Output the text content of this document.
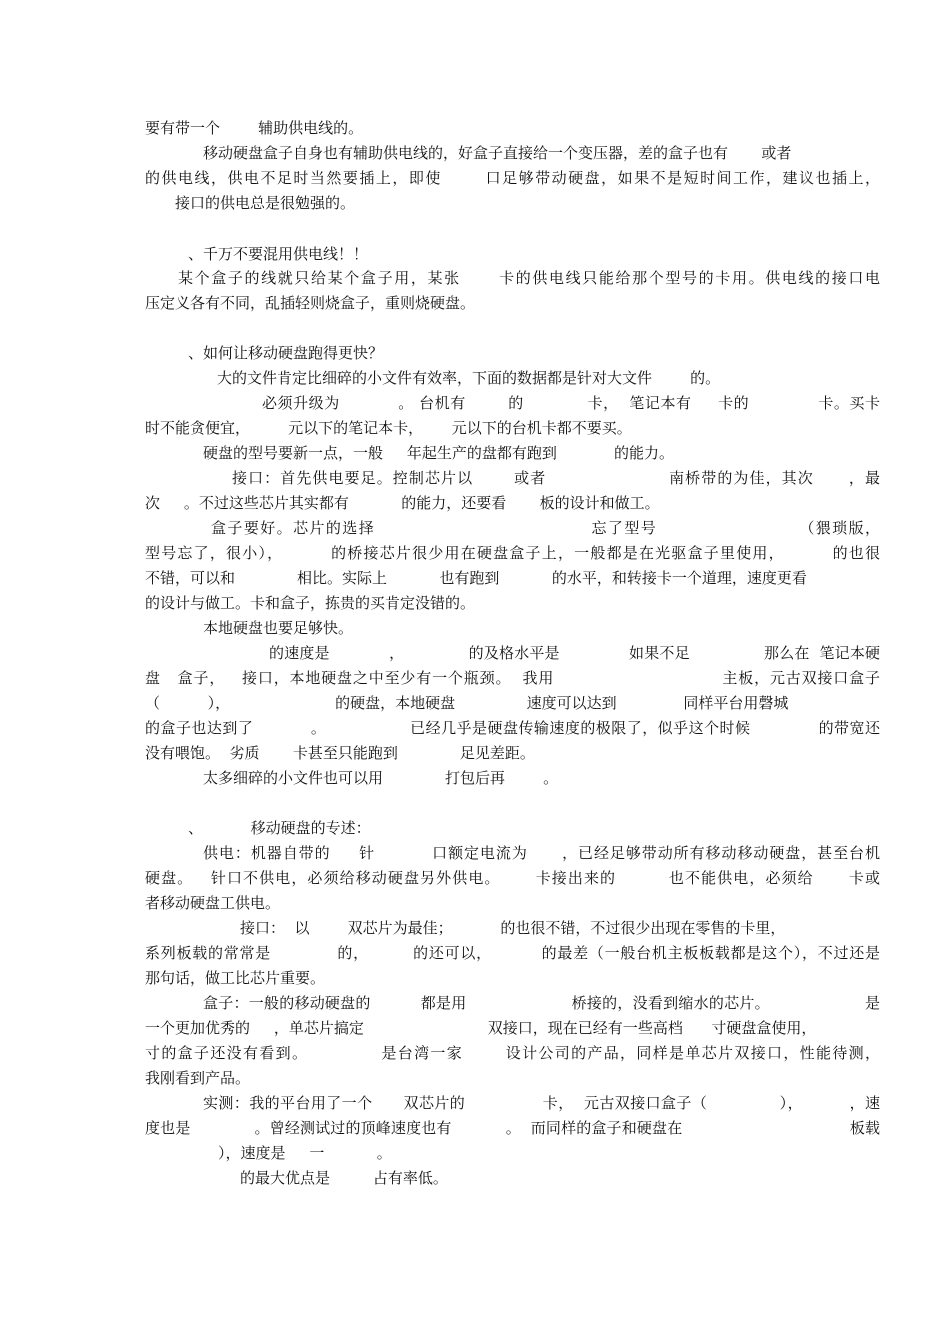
要有带一个        辅助供电线的。
移动硬盘盒子自身也有辅助供电线的，好盒子直接给一个变压器，差的盒子也有       或者
的供电线，供电不足时当然要插上，即使       口足够带动硬盘，如果不是短时间工作，建议也插上，
接口的供电总是很勉强的。
、千万不要混用供电线！！
某个盒子的线就只给某个盒子用，某张      卡的供电线只能给那个型号的卡用。供电线的接口电
压定义各有不同，乱插轻则烧盒子，重则烧硬盘。
、如何让移动硬盘跑得更快？
大的文件肯定比细碎的小文件有效率，下面的数据都是针对大文件        的。
必须升级为           。 台机有        的            卡，  笔记本有     卡的             卡。买卡
时不能贪便宜，        元以下的笔记本卡，      元以下的台机卡都不要买。
硬盘的型号要新一点，一般     年起生产的盘都有跑到            的能力。
接口：首先供电要足。控制芯片以       或者                     南桥带的为佳，其次      ，最
次     。不过这些芯片其实都有           的能力，还要看       板的设计和做工。
盒子要好。芯片的选择                                   忘了型号                       （猥琐版，
型号忘了，很小），        的桥接芯片很少用在硬盘盒子上，一般都是在光驱盒子里使用，        的也很
不错，可以和             相比。实际上           也有跑到           的水平，和转接卡一个道理，速度更看
的设计与做工。卡和盒子，拣贵的买肯定没错的。
本地硬盘也要足够快。
的速度是            ，             的及格水平是              如果不足               那么在  笔记本硬
盘   盒子，   接口，本地硬盘之中至少有一个瓶颈。  我用                              主板，元古双接口盒子
（          ），                      的硬盘，本地硬盘               速度可以达到              同样平台用磬城
的盒子也达到了           。                已经几乎是硬盘传输速度的极限了，似乎这个时候             的带宽还
没有喂饱。  劣质       卡甚至只能跑到             足见差距。
太多细碎的小文件也可以用             打包后再        。
、          移动硬盘的专述：
供电：机器自带的     针          口额定电流为      ，已经足够带动所有移动移动硬盘，甚至台机
硬盘。   针口不供电，必须给移动硬盘另外供电。      卡接出来的         也不能供电，必须给      卡或
者移动硬盘工供电。
接口：  以        双芯片为最佳；          的也很不错，不过很少出现在零售的卡里，
系列板载的常常是            的，        的还可以，         的最差（一般台机主板板载都是这个），不过还是
那句话，做工比芯片重要。
盒子：一般的移动硬盘的          都是用                     桥接的，没看到缩水的芯片。                   是
一个更加优秀的     ，单芯片搞定                          双接口，现在已经有一些高档      寸硬盘盒使用，
寸的盒子还没有看到。            是台湾一家       设计公司的产品，同样是单芯片双接口，性能待测，
我刚看到产品。
实测：我的平台用了一个      双芯片的               卡，  元古双接口盒子（              ），         ，速
度也是             。曾经测试过的顶峰速度也有           。  而同样的盒子和硬盘在                                  板载
），速度是     一           。
的最大优点是         占有率低。
